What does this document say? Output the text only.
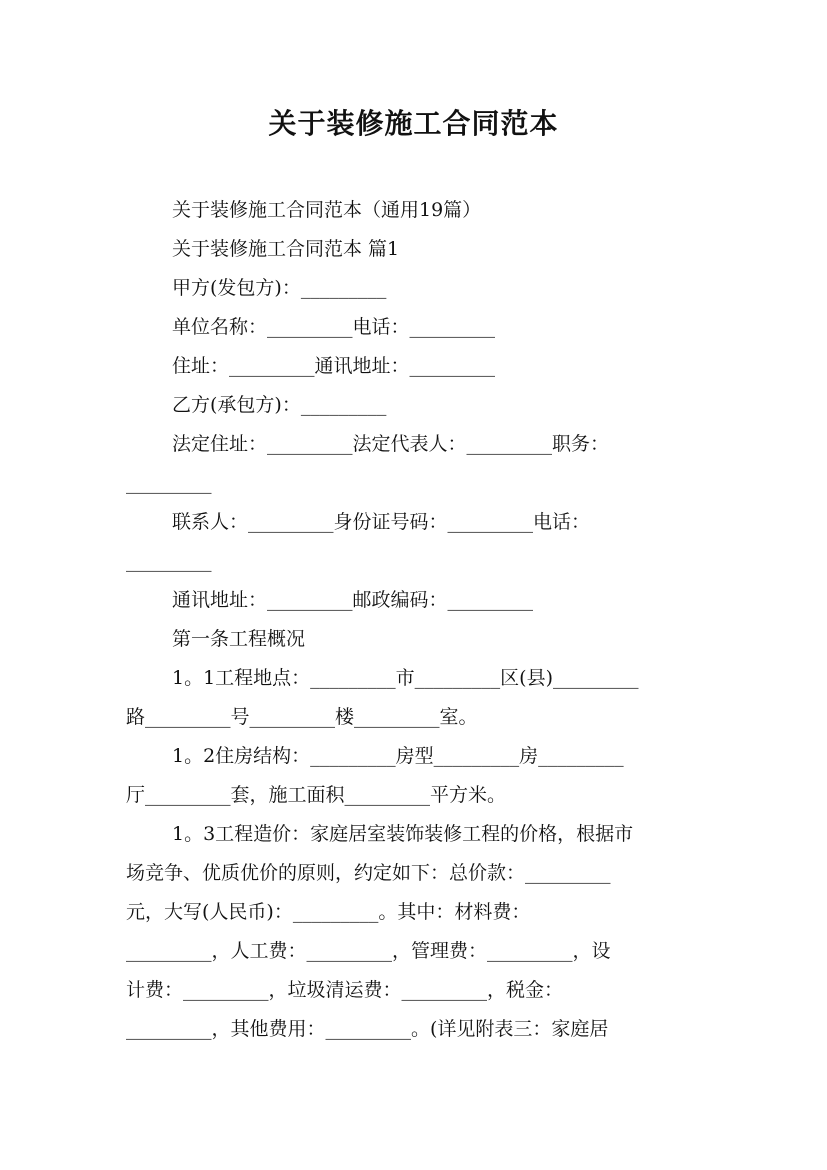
关于装修施工合同范本
关于装修施工合同范本（通用19篇）
关于装修施工合同范本 篇1
甲方(发包方)：_________
单位名称：_________电话：_________
住址：_________通讯地址：_________
乙方(承包方)：_________
法定住址：_________法定代表人：_________职务：
_________
联系人：_________身份证号码：_________电话：
_________
通讯地址：_________邮政编码：_________
第一条工程概况
1。1工程地点：_________市_________区(县)_________
路_________号_________楼_________室。
1。2住房结构：_________房型_________房_________
厅_________套，施工面积_________平方米。
1。3工程造价：家庭居室装饰装修工程的价格，根据市
场竞争、优质优价的原则，约定如下：总价款：_________
元，大写(人民币)：_________。其中：材料费：
_________，人工费：_________，管理费：_________，设
计费：_________，垃圾清运费：_________，税金：
_________，其他费用：_________。(详见附表三：家庭居
